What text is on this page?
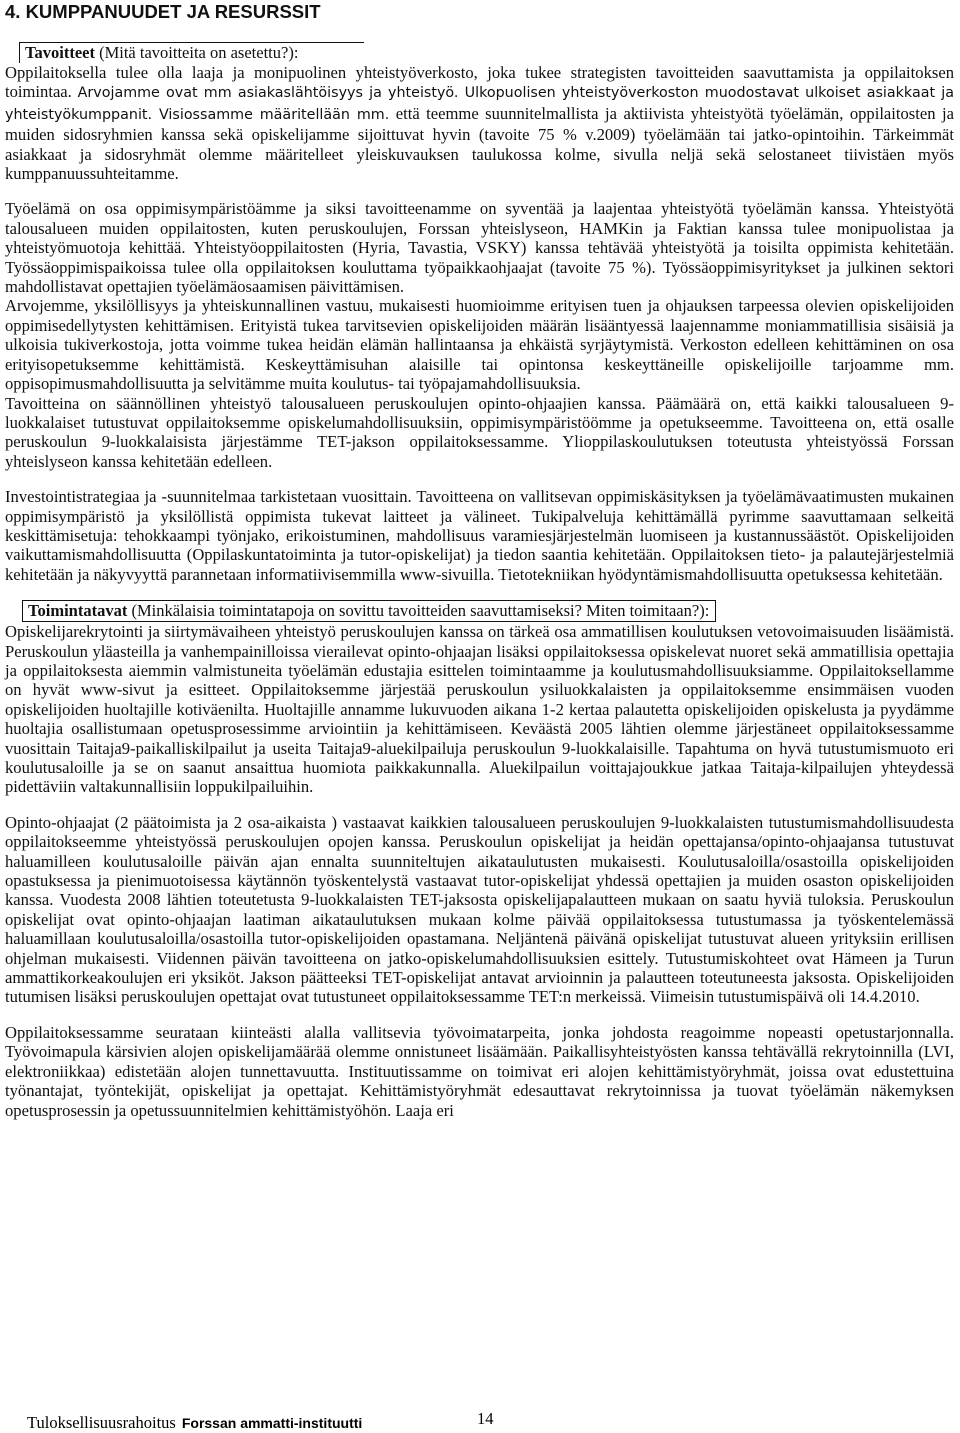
4. KUMPPANUUDET JA RESURSSIT
Tavoitteet (Mitä tavoitteita on asetettu?):

Oppilaitoksella tulee olla laaja ja monipuolinen yhteistyöverkosto, joka tukee strategisten tavoitteiden saavuttamista ja oppilaitoksen toimintaa. Arvojamme ovat mm asiakaslähtöisyys ja yhteistyö. Ulkopuolisen yhteistyöverkoston muodostavat ulkoiset asiakkaat ja yhteistyökumppanit. Visiossamme määritellään mm. että teemme suunnitelmallista ja aktiivista yhteistyötä työelämän, oppilaitosten ja muiden sidosryhmien kanssa sekä opiskelijamme sijoittuvat hyvin (tavoite 75 % v.2009) työelämään tai jatko-opintoihin. Tärkeimmät asiakkaat ja sidosryhmät olemme määritelleet yleiskuvauksen taulukossa kolme, sivulla neljä sekä selostaneet tiivistäen myös kumppanuussuhteitamme.

Työelämä on osa oppimisympäristöämme ja siksi tavoitteenamme on syventää ja laajentaa yhteistyötä työelämän kanssa. Yhteistyötä talousalueen muiden oppilaitosten, kuten peruskoulujen, Forssan yhteislyseon, HAMKin ja Faktian kanssa tulee monipuolistaa ja yhteistyömuotoja kehittää. Yhteistyöoppilaitosten (Hyria, Tavastia, VSKY) kanssa tehtävää yhteistyötä ja toisilta oppimista kehitetään. Työssäoppimispaikoissa tulee olla oppilaitoksen kouluttama työpaikkaohjaajat (tavoite 75 %). Työssäoppimisyritykset ja julkinen sektori mahdollistavat opettajien työelämäosaamisen päivittämisen.

Arvojemme, yksilöllisyys ja yhteiskunnallinen vastuu, mukaisesti huomioimme erityisen tuen ja ohjauksen tarpeessa olevien opiskelijoiden oppimisedellytysten kehittämisen. Erityistä tukea tarvitsevien opiskelijoiden määrän lisääntyessä laajennamme moniammatillisia sisäisiä ja ulkoisia tukiverkostoja, jotta voimme tukea heidän elämän hallintaansa ja ehkäistä syrjäytymistä. Verkoston edelleen kehittäminen on osa erityisopetuksemme kehittämistä. Keskeyttämisuhan alaisille tai opintonsa keskeyttäneille opiskelijoille tarjoamme mm. oppisopimusmahdollisuutta ja selvitämme muita koulutus- tai työpajamahdollisuuksia.

Tavoitteina on säännöllinen yhteistyö talousalueen peruskoulujen opinto-ohjaajien kanssa. Päämäärä on, että kaikki talousalueen 9-luokkalaiset tutustuvat oppilaitoksemme opiskelumahdollisuuksiin, oppimisympäristöömme ja opetukseemme. Tavoitteena on, että osalle peruskoulun 9-luokkalaisista järjestämme TET-jakson oppilaitoksessamme. Ylioppilaskoulutuksen toteutusta yhteistyössä Forssan yhteislyseon kanssa kehitetään edelleen.

Investointistrategiaa ja -suunnitelmaa tarkistetaan vuosittain. Tavoitteena on vallitsevan oppimiskäsityksen ja työelämävaatimusten mukainen oppimisympäristö ja yksilöllistä oppimista tukevat laitteet ja välineet. Tukipalveluja kehittämällä pyrimme saavuttamaan selkeitä keskittämisetuja: tehokkaampi työnjako, erikoistuminen, mahdollisuus varamiesjärjestelmän luomiseen ja kustannussäästöt. Opiskelijoiden vaikuttamismahdollisuutta (Oppilaskuntatoiminta ja tutor-opiskelijat) ja tiedon saantia kehitetään. Oppilaitoksen tieto- ja palautejärjestelmiä kehitetään ja näkyvyyttä parannetaan informatiivisemmilla www-sivuilla. Tietotekniikan hyödyntämismahdollisuutta opetuksessa kehitetään.

Toimintatavat (Minkälaisia toimintatapoja on sovittu tavoitteiden saavuttamiseksi? Miten toimitaan?):

Opiskelijarekrytointi ja siirtymävaiheen yhteistyö peruskoulujen kanssa on tärkeä osa ammatillisen koulutuksen vetovoimaisuuden lisäämistä. Peruskoulun yläasteilla ja vanhempainilloissa vierailevat opinto-ohjaajan lisäksi oppilaitoksessa opiskelevat nuoret sekä ammatillisia opettajia ja oppilaitoksesta aiemmin valmistuneita työelämän edustajia esittelen toimintaamme ja koulutusmahdollisuuksiamme. Oppilaitoksellamme on hyvät www-sivut ja esitteet. Oppilaitoksemme järjestää peruskoulun ysiluokkalaisten ja oppilaitoksemme ensimmäisen vuoden opiskelijoiden huoltajille kotiväenilta. Huoltajille annamme lukuvuoden aikana 1-2 kertaa palautetta opiskelijoiden opiskelusta ja pyydämme huoltajia osallistumaan opetusprosessimme arviointiin ja kehittämiseen. Keväästä 2005 lähtien olemme järjestäneet oppilaitoksessamme vuosittain Taitaja9-paikalliskilpailut ja useita Taitaja9-aluekilpailuja peruskoulun 9-luokkalaisille. Tapahtuma on hyvä tutustumismuoto eri koulutusaloille ja se on saanut ansaittua huomiota paikkakunnalla. Aluekilpailun voittajajoukkue jatkaa Taitaja-kilpailujen yhteydessä pidettäviin valtakunnallisiin loppukilpailuihin.

Opinto-ohjaajat (2 päätoimista ja 2 osa-aikaista ) vastaavat kaikkien talousalueen peruskoulujen 9-luokkalaisten tutustumismahdollisuudesta oppilaitokseemme yhteistyössä peruskoulujen opojen kanssa. Peruskoulun opiskelijat ja heidän opettajansa/opinto-ohjaajansa tutustuvat haluamilleen koulutusaloille päivän ajan ennalta suunniteltujen aikataulutusten mukaisesti. Koulutusaloilla/osastoilla opiskelijoiden opastuksessa ja pienimuotoisessa käytännön työskentelystä vastaavat tutor-opiskelijat yhdessä opettajien ja muiden osaston opiskelijoiden kanssa. Vuodesta 2008 lähtien toteutetusta 9-luokkalaisten TET-jaksosta opiskelijapalautteen mukaan on saatu hyviä tuloksia. Peruskoulun opiskelijat ovat opinto-ohjaajan laatiman aikataulutuksen mukaan kolme päivää oppilaitoksessa tutustumassa ja työskentelemässä haluamillaan koulutusaloilla/osastoilla tutor-opiskelijoiden opastamana. Neljäntenä päivänä opiskelijat tutustuvat alueen yrityksiin erillisen ohjelman mukaisesti. Viidennen päivän tavoitteena on jatko-opiskelumahdollisuuksien esittely. Tutustumiskohteet ovat Hämeen ja Turun ammattikorkeakoulujen eri yksiköt. Jakson päätteeksi TET-opiskelijat antavat arvioinnin ja palautteen toteutuneesta jaksosta. Opiskelijoiden tutumisen lisäksi peruskoulujen opettajat ovat tutustuneet oppilaitoksessamme TET:n merkeissä. Viimeisin tutustumispäivä oli 14.4.2010.

Oppilaitoksessamme seurataan kiinteästi alalla vallitsevia työvoimatarpeita, jonka johdosta reagoimme nopeasti opetustarjonnalla. Työvoimapula kärsivien alojen opiskelijamäärää olemme onnistuneet lisäämään. Paikallisyhteistyösten kanssa tehtävällä rekrytoinnilla (LVI, elektroniikkaa) edistetään alojen tunnettavuutta. Instituutissamme on toimivat eri alojen kehittämistyöryhmät, joissa ovat edustettuina työnantajat, työntekijät, opiskelijat ja opettajat. Kehittämistyöryhmät edesauttavat rekrytoinnissa ja tuovat työelämän näkemyksen opetusprosessin ja opetussuunnitelmien kehittämistyöhön. Laaja eri

Tuloksellisuusrahoitus Forssan ammatti-instituutti	14
